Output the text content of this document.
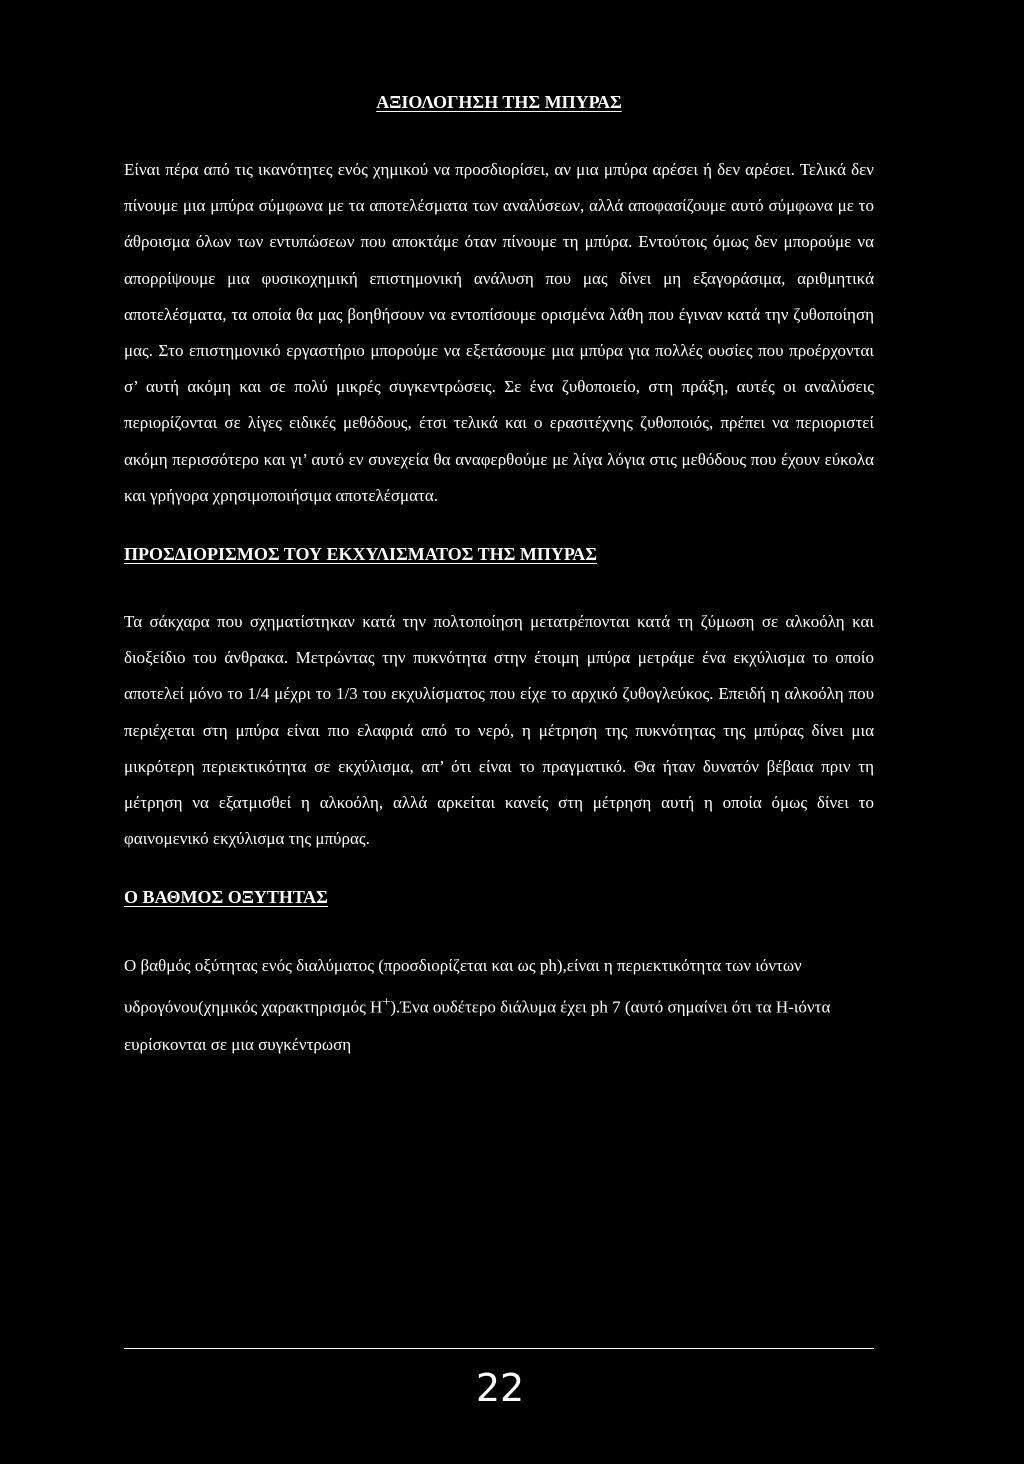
ΑΞΙΟΛΟΓΗΣΗ ΤΗΣ ΜΠΥΡΑΣ

Είναι πέρα από τις ικανότητες ενός χημικού να προσδιορίσει, αν μια μπύρα αρέσει ή δεν αρέσει. Τελικά δεν πίνουμε μια μπύρα σύμφωνα με τα αποτελέσματα των αναλύσεων, αλλά αποφασίζουμε αυτό σύμφωνα με το άθροισμα όλων των εντυπώσεων που αποκτάμε όταν πίνουμε τη μπύρα. Εντούτοις όμως δεν μπορούμε να απορρίψουμε μια φυσικοχημική επιστημονική ανάλυση που μας δίνει μη εξαγοράσιμα, αριθμητικά αποτελέσματα, τα οποία θα μας βοηθήσουν να εντοπίσουμε ορισμένα λάθη που έγιναν κατά την ζυθοποίηση μας. Στο επιστημονικό εργαστήριο μπορούμε να εξετάσουμε μια μπύρα για πολλές ουσίες που προέρχονται σ’ αυτή ακόμη και σε πολύ μικρές συγκεντρώσεις. Σε ένα ζυθοποιείο, στη πράξη, αυτές οι αναλύσεις περιορίζονται σε λίγες ειδικές μεθόδους, έτσι τελικά και ο ερασιτέχνης ζυθοποιός, πρέπει να περιοριστεί ακόμη περισσότερο και γι’ αυτό εν συνεχεία θα αναφερθούμε με λίγα λόγια στις μεθόδους που έχουν εύκολα και γρήγορα χρησιμοποιήσιμα αποτελέσματα.

ΠΡΟΣΔΙΟΡΙΣΜΟΣ ΤΟΥ ΕΚΧΥΛΙΣΜΑΤΟΣ ΤΗΣ ΜΠΥΡΑΣ

Τα σάκχαρα που σχηματίστηκαν κατά την πολτοποίηση μετατρέπονται κατά τη ζύμωση σε αλκοόλη και διοξείδιο του άνθρακα. Μετρώντας την πυκνότητα στην έτοιμη μπύρα μετράμε ένα εκχύλισμα το οποίο αποτελεί μόνο το 1/4 μέχρι το 1/3 του εκχυλίσματος που είχε το αρχικό ζυθογλεύκος. Επειδή η αλκοόλη που περιέχεται στη μπύρα είναι πιο ελαφριά από το νερό, η μέτρηση της πυκνότητας της μπύρας δίνει μια μικρότερη περιεκτικότητα σε εκχύλισμα, απ’ ότι είναι το πραγματικό. Θα ήταν δυνατόν βέβαια πριν τη μέτρηση να εξατμισθεί η αλκοόλη, αλλά αρκείται κανείς στη μέτρηση αυτή η οποία όμως δίνει το φαινομενικό εκχύλισμα της μπύρας.

Ο ΒΑΘΜΟΣ ΟΞΥΤΗΤΑΣ

Ο βαθμός οξύτητας ενός διαλύματος (προσδιορίζεται και ως ph),είναι η περιεκτικότητα των ιόντων υδρογόνου(χημικός χαρακτηρισμός H+).Ένα ουδέτερο διάλυμα έχει ph 7 (αυτό σημαίνει ότι τα H-ιόντα ευρίσκονται σε μια συγκέντρωση

22
